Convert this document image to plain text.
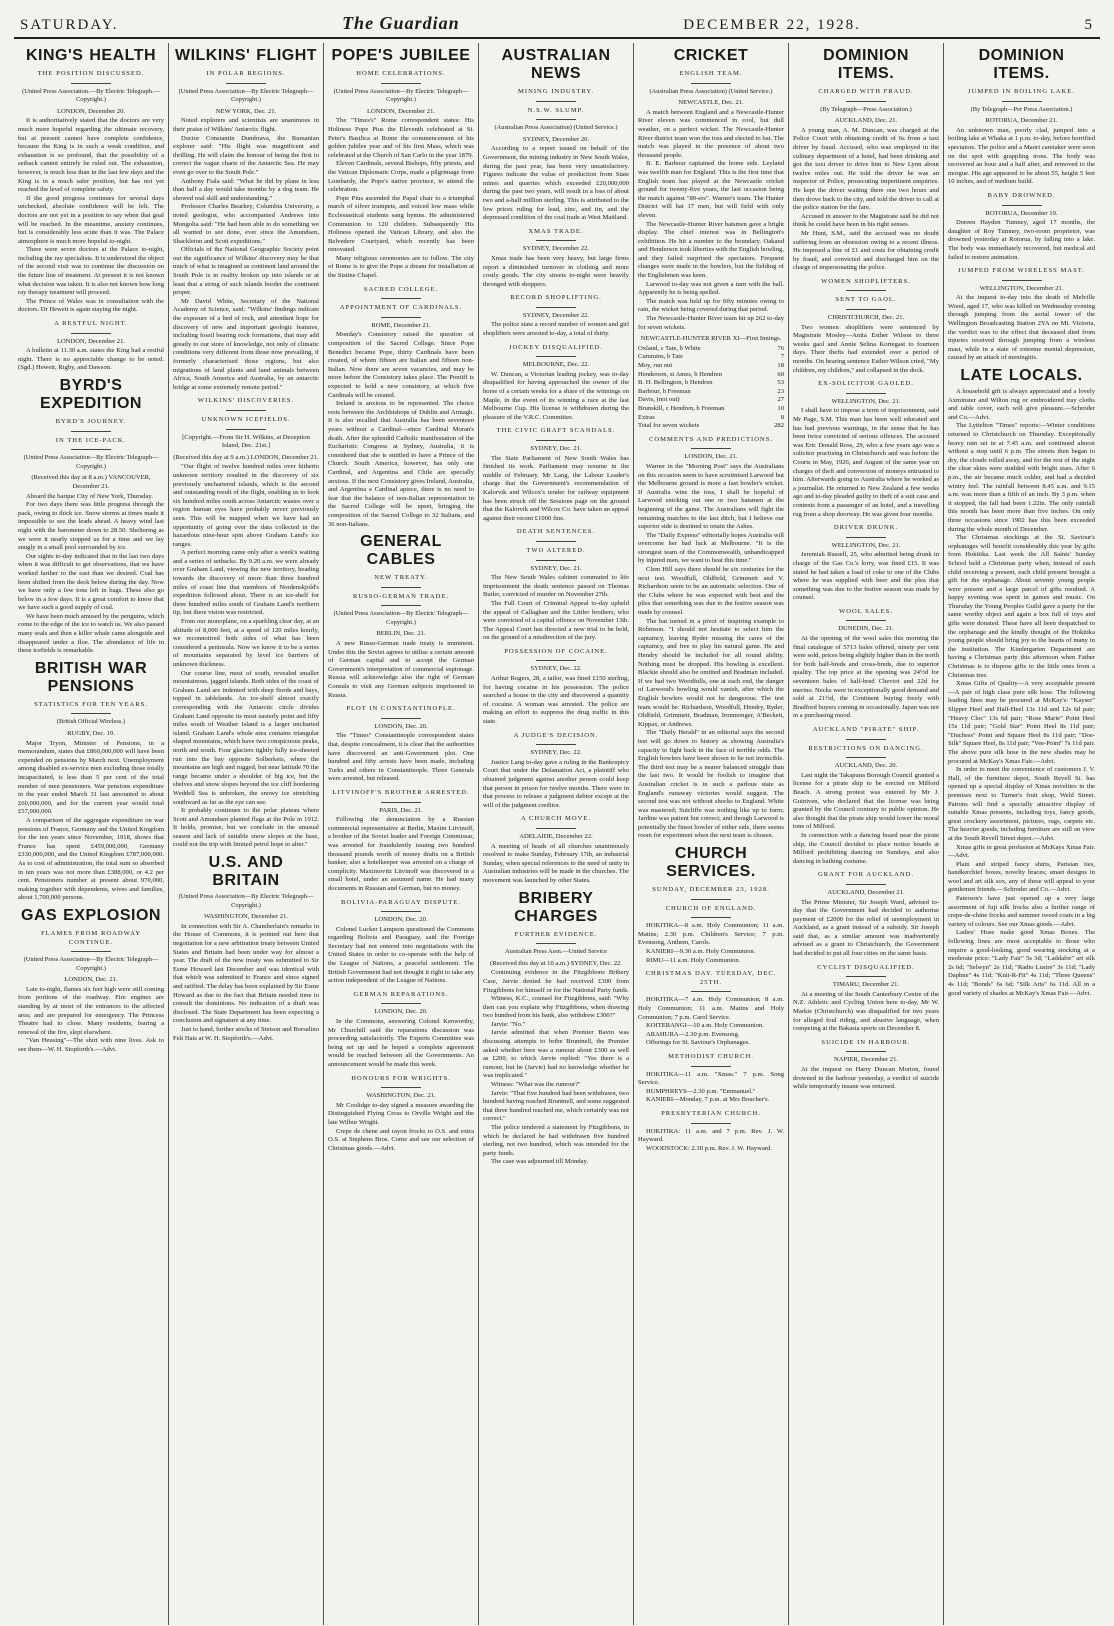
SATURDAY.	The Guardian	DECEMBER 22, 1928.	5
KING'S HEALTH
THE POSITION DISCUSSED.
(United Press Association.—By Electric Telegraph.—Copyright.)
LONDON, December 20.

It is authoritatively stated that the doctors are very much more hopeful regarding the ultimate recovery, but at present cannot have complete confidence, because the King is in such a weak condition, and exhaustion is so profound, that the possibility of a setback cannot entirely be ruled out. The exhaustion, however, is much less than in the last few days and the King is in a much safer position, but has not yet reached the level of complete safety.

If the good progress continues for several days unchecked, absolute confidence will be felt. The doctors are not yet in a position to say when that goal will be reached. In the meantime, anxiety continues, but is considerably less acute than it was. The Palace atmosphere is much more hopeful to-night.

There were seven doctors at the Palace to-night, including the ray specialists. It is understood the object of the second visit was to continue the discussion on the future line of treatment. At present it is not known what decision was taken. It is also not known how long ray therapy treatment will proceed.

The Prince of Wales was in consultation with the doctors. Dr Hewett is again staying the night.

A RESTFUL NIGHT.
LONDON, December 21.

A bulletin at 11.30 a.m. states the King had a restful night. There is no appreciable change to be noted. (Sgd.) Hewett, Rigby, and Dawson.

BYRD'S EXPEDITION
BYRD'S JOURNEY.
IN THE ICE-PACK.
(United Press Association—By Electric Telegraph—Copyright.)
(Received this day at 8 a.m.) VANCOUVER, December 21.

Aboard the barque City of New York, Thursday.

For two days there was little progress through the pack, owing to thick ice. Snow storms at times made it impossible to see the leads ahead. A heavy wind last night with the barometer down to 28.50. Sheltering as we were it nearly stopped us for a time and we lay snugly in a small pool surrounded by ice.

Our sights to-day indicated that in the last two days when it was difficult to get observations, that we have worked farther to the east than we desired. Coal has been shifted from the deck below during the day. Now we have only a few tons left in bags. These also go below in a few days. It is a great comfort to know that we have such a good supply of coal.

We have been much amused by the penguins, which come to the edge of the ice to watch us. We also passed many seals and then a killer whale came alongside and disappeared under a floe. The abundance of life in these icefields is remarkable.

BRITISH WAR PENSIONS
STATISTICS FOR TEN YEARS.
(British Official Wireless.)
RUGBY, Dec. 19.

Major Tryon, Minister of Pensions, in a memorandum, states that £860,000,000 will have been expended on pensions by March next. Unemployment among disabled ex-service men excluding those totally incapacitated, is less than 5 per cent of the total number of men pensioners. War pensions expenditure in the year ended March 31 last amounted to about £60,000,000, and for the current year would total £57,000,000.

A comparison of the aggregate expenditure on war pensions of France, Germany and the United Kingdom for the ten years since November, 1918, shows that France has spent £459,000,000, Germany £330,000,000, and the United Kingdom £787,000,000. As to cost of administration, the total sum so absorbed in ten years was not more than £388,000, or 4.2 per cent. Pensioners number at present about 970,000, making together with dependents, wives and families, about 1,700,000 persons.

GAS EXPLOSION
FLAMES FROM ROADWAY CONTINUE.
(United Press Association—By Electric Telegraph—Copyright.)
LONDON, Dec. 21.

Late to-night, flames six feet high were still coming from portions of the roadway. Fire engines are standing by at most of the entrances to the affected area; and are prepared for emergency. The Princess Theatre had to close. Many residents, fearing a renewal of the fire, slept elsewhere.

"Van Heusing"—The shirt with nine lives. Ask to see them—W. H. Stopforth's.—Advt.

WILKINS' FLIGHT
IN POLAR REGIONS.
(United Press Association—By Electric Telegraph—Copyright.)
NEW YORK, Dec. 21.

Noted explorers and scientists are unanimous in their praise of Wilkins' Antarctic flight.

Doctor Constantin Dumbrava, the Rumanian explorer said: "His flight was magnificent and thrilling. He will claim the honour of being the first to correct the vague charts of the Antarctic Sea. He may even go over to the South Pole."

Anthony Fiala said: "What he did by plane in less than half a day would take months by a dog team. He showed real skill and understanding."

Professor Charles Bearkey, Columbia University, a noted geologist, who accompanied Andrews into Mongolia said: "He had been able to do something we all wanted to see done, ever since the Amundsen, Shackleton and Scott expeditions."

Officials of the National Geographic Society point out the significance of Wilkins' discovery may be that much of what is imagined as continent land around the South Pole is in reality broken up into islands or at least that a string of such islands border the continent proper.

Mr David White, Secretary of the National Academy of Science, said: "Wilkins' findings indicate the exposure of a bed of rock, and attendant hope for discovery of new and important geologic features, including fossil bearing rock formations, that may add greatly to our store of knowledge, not only of climatic conditions very different from those now prevailing, if formerly characterised those regions, but also migrations of land plants and land animals between Africa, South America and Australia, by an antarctic bridge at some extremely remote period."

WILKINS' DISCOVERIES.
UNKNOWN ICEFIELDS.
[Copyright.—From Sir H. Wilkins, at Deception Island, Dec. 21st.]
(Received this day at 9 a.m.) LONDON, December 21.

"Our flight of twelve hundred miles over hitherto unknown territory resulted in the discovery of six previously unchartered islands, which is the second and outstanding result of the flight, enabling us to look six hundred miles south across Antarctic wastes over a region human eyes have probably never previously seen. This will be mapped when we have had an opportunity of going over the data collected in the hazardous nine-hour spin above Graham Land's ice ranges.

A perfect morning came only after a week's waiting and a series of setbacks. By 9.20 a.m. we were already over Graham Land, viewing the new territory, heading towards the discovery of more than three hundred miles of coast line that members of Nordenskjold's expedition followed about. There is an ice-shelf for three hundred miles south of Graham Land's northern tip, but there vision was restricted.

From our monoplane, on a sparkling clear day, at an altitude of 8,000 feet, at a speed of 120 miles hourly, we reconnoitred both sides of what has been considered a peninsula. Now we know it to be a series of mountains separated by level ice barriers of unknown thickness.

Our course line, most of south, revealed smaller mountainous, jagged islands. Both sides of the coast of Graham Land are indented with deep fiords and bays, topped in tablelands. An ice-shelf almost exactly corresponding with the Antarctic circle divides Graham Land opposite its most easterly point and fifty miles south of Weather Island is a larger uncharted island. Graham Land's whole area contains triangular shaped mountains, which have two conspicuous peaks, north and south. Four glaciers tightly fully ice-sheeted run into the bay opposite Solberkets, where the mountains are high and rugged, but near latitude 70 the range became under a shoulder of big ice, but the shelves and snow slopes beyond the ice cliff bordering Weddell Sea is unbroken, the snowy ice stretching southward as far as the eye can see.

It probably continues to the polar plateau where Scott and Amundsen planted flags at the Pole in 1912. It holds, promise, but we conclude in the unusual season and lack of suitable snow slopes at the base, could not the trip with limited petrol hope to alter."

U.S. AND BRITAIN
(United Press Association—By Electric Telegraph—Copyright.)
WASHINGTON, December 21.

In connection with Sir A. Chamberlain's remarks in the House of Commons, it is pointed out here that negotiation for a new arbitration treaty between United States and Britain had been under way for almost a year. The draft of the new treaty was submitted to Sir Esme Howard last December and was identical with that which was submitted to France and since signed and ratified. The delay has been explained by Sir Esme Howard as due to the fact that Britain needed time to consult the dominions. No indication of a draft was disclosed. The State Department has been expecting a conclusion and signature at any time.

Just to hand, further stocks of Stetson and Borsalino Felt Hats at W. H. Stopforth's.—Advt.

POPE'S JUBILEE
HOME CELEBRATIONS.
(United Press Association—By Electric Telegraph—Copyright.)
LONDON, December 21.

The "Times's" Rome correspondent states: His Holiness Pope Pius the Eleventh celebrated at St. Peter's Basilica at Rome the commencement of his golden jubilee year and of his first Mass, which was celebrated at the Church of San Carlo in the year 1879.

Eleven Cardinals, several Bishops, fifty priests, and the Vatican Diplomatic Corps, made a pilgrimage from Lombardy, the Pope's native province, to attend the celebration.

Pope Pius ascended the Papal chair to a triumphal march of silver trumpets, and voiced low mass while Ecclesiastical students sang hymns. He administered Communion to 120 children. Subsequently His Holiness opened the Vatican Library, and also the Belvedere Courtyard, which recently has been renovated.

Many religious ceremonies are to follow. The city of Rome is to give the Pope a dream for installation at the Sistine Chapel.

SACRED COLLEGE.
APPOINTMENT OF CARDINALS.
ROME, December 21.

Monday's Consistory raised the question of composition of the Sacred College. Since Pope Benedict became Pope, thirty Cardinals have been created, of whom fifteen are Italian and fifteen non-Italian. Now there are seven vacancies, and may be more before the Consistory takes place. The Pontiff is expected to hold a new consistory, at which five Cardinals will be created.

Ireland is anxious to be represented. The choice rests between the Archbishops of Dublin and Armagh. It is also recalled that Australia has been seventeen years without a Cardinal—since Cardinal Moran's death. After the splendid Catholic manifestation of the Eucharistic Congress at Sydney, Australia, it is considered that she is entitled to have a Prince of the Church. South America, however, has only one Cardinal, and Argentina and Chile are specially anxious. If the next Consistory gives Ireland, Australia, and Argentina a Cardinal apiece, there is no need to fear that the balance of non-Italian representation in the Sacred College will be upset, bringing the composition of the Sacred College to 32 Italians, and 36 non-Italians.

GENERAL CABLES
NEW TREATY.
RUSSO-GERMAN TRADE.
(United Press Association—By Electric Telegraph—Copyright.)
BERLIN, Dec. 21.

A new Russo-German trade treaty is imminent. Under this the Soviet agrees to utilise a certain amount of German capital and to accept the German Government's interpretation of commercial espionage. Russia will acknowledge also the right of German Consuls to visit any German subjects imprisoned in Russia.

PLOT IN CONSTANTINOPLE.
LONDON, Dec. 20.

The "Times" Constantinople correspondent states that, despite concealment, it is clear that the authorities have discovered an anti-Government plot. One hundred and fifty arrests have been made, including Turks and others in Constantinople. Three Generals were arrested, but released.

LITVINOFF'S BROTHER ARRESTED.
PARIS, Dec. 21.

Following the denunciation by a Russian commercial representative at Berlin, Maxim Litvinoff, a brother of the Soviet leader and Foreign Commissar, was arrested for fraudulently issuing two hundred thousand pounds worth of money drafts on a British banker; also a hotelkeeper was arrested on a charge of complicity. Maximovitz Litvinoff was discovered in a small hotel, under an assumed name. He had many documents in Russian and German, but no money.

BOLIVIA-PARAGUAY DISPUTE.
LONDON, Dec. 20.

Colonel Lucker Lampson questioned the Commons regarding Bolivia and Paraguay, said the Foreign Secretary had not entered into negotiations with the United States in order to co-operate with the help of the League of Nations, a peaceful settlement. The British Government had not thought it right to take any action independent of the League of Nations.

GERMAN REPARATIONS.
LONDON, Dec. 20.

In the Commons, answering Colonel Kenworthy, Mr Churchill said the reparations discussion was proceeding satisfactorily. The Experts Committee was being set up and he hoped a complete agreement would be reached between all the Governments. An announcement would be made this week.

HONOURS FOR WRIGHTS.
WASHINGTON, Dec. 21.

Mr Coolidge to-day signed a measure awarding the Distinguished Flying Cross to Orville Wright and the late Wilbur Wright.

Crepe de chene and rayon frocks to O.S. and extra O.S. at Stephens Bros. Come and see our selection of Christmas goods.—Advt.

AUSTRALIAN NEWS
MINING INDUSTRY.
N.S.W. SLUMP.
(Australian Press Association) (United Service.)
SYDNEY, December 20.

According to a report issued on behalf of the Government, the mining industry in New South Wales, during the past year, has been very unsatisfactory. Figures indicate the value of production from State mines and quarries which exceeded £20,000,000 during the past two years, will result in a loss of about two and a-half million sterling. This is attributed to the low prices ruling for lead, zinc, and tin, and the depressed condition of the coal trade at West Maitland.

XMAS TRADE.
SYDNEY, December 22.

Xmas trade has been very heavy, but large firms report a diminished turnover in clothing and more costly goods. The city streets to-night were heavily thronged with shoppers.

RECORD SHOPLIFTING.
SYDNEY, December 22.

The police state a record number of women and girl shoplifters were arrested to-day, a total of thirty.

JOCKEY DISQUALIFIED.
MELBOURNE, Dec. 22.

W. Duncan, a Victorian leading jockey, was to-day disqualified for having approached the owner of the horse of a certain weeks for a share of the winnings on Maple, in the event of its winning a race at the last Melbourne Cup. His license is withdrawn during the pleasure of the V.R.C. Committee.

THE CIVIC GRAFT SCANDALS.
SYDNEY, Dec. 21.

The State Parliament of New South Wales has finished its work. Parliament may resume in the middle of February. Mr Lang, the Labour Leader's charge that the Government's recommendation of Kalorvik and Wilcox's tender for railway equipment has been struck off the Sessions page on the ground that the Kalorvik and Wilcox Co. have taken an appeal against their recent £1000 fine.

DEATH SENTENCES.
TWO ALTERED.
SYDNEY, Dec. 21.

The New South Wales cabinet commuted to life imprisonment the death sentence passed on Thomas Butler, convicted of murder on November 27th.

The Full Court of Criminal Appeal to-day upheld the appeal of Callaghan and the Littler brothers, who were convicted of a capital offence on November 13th. The Appeal Court has directed a new trial to be held, on the ground of a misdirection of the jury.

POSSESSION OF COCAINE.
SYDNEY, Dec. 22.

Arthur Rogers, 28, a tailor, was fined £150 sterling, for having cocaine in his possession. The police searched a house in the city and discovered a quantity of cocaine. A woman was arrested. The police are making an effort to suppress the drug traffic in this state.

A JUDGE'S DECISION.
SYDNEY, Dec. 22.

Justice Lang to-day gave a ruling in the Bankruptcy Court that under the Defamation Act, a plaintiff who obtained judgment against another person could keep that person in prison for twelve months. There were in that process to release a judgment debtor except at the will of the judgment creditor.

A CHURCH MOVE.
ADELAIDE, December 22.

A meeting of heads of all churches unanimously resolved to make Sunday, February 17th, an industrial Sunday, when special references to the need of unity in Australian industries will be made in the churches. The movement was launched by other States.

BRIBERY CHARGES
FURTHER EVIDENCE.
Australian Press Assn.—United Service
(Received this day at 10 a.m.) SYDNEY, Dec. 22.

Continuing evidence in the Fitzgibbons Bribery Case, Jarvie denied he had received £300 from Fitzgibbons for himself or for the National Party funds.

Witness, K.C., counsel for Fitzgibbons, said: "Why then can you explain why Fitzgibbons, when drawing two hundred from his bank, also withdrew £300?"

Jarvie: "No."

Jarvie admitted that when Premier Bavin was discussing attempts to bribe Bruntnell, the Premier asked whether here was a rumour about £300 as well as £200, to which Jarvie replied: "Yes there is a rumour, but he (Jarvie) had no knowledge whether he was implicated."

Witness: "What was the rumour?"

Jarvie: "That five hundred had been withdrawn, two hundred having reached Bruntnell, and some suggested that three hundred reached me, which certainly was not correct."

The police tendered a statement by Fitzgibbons, in which he declared he had withdrawn five hundred sterling, not two hundred, which was intended for the party funds.

The case was adjourned till Monday.

CRICKET
ENGLISH TEAM.
(Australian Press Association) (United Service.)
NEWCASTLE, Dec. 21.

A match between England and a Newcastle-Hunter River eleven was commenced in cool, but dull weather, on a perfect wicket. The Newcastle-Hunter River district team won the toss and elected to bat. The match was played in the presence of about two thousand people.

B. E. Barbour captained the home side. Leyland was twelfth man for England. This is the first time that English team has played at the Newcastle cricket ground for twenty-five years, the last occasion being the match against "89-ers". Warner's team. The Hunter District will bat 17 men, but will field with only eleven.

The Newcastle-Hunter River batsmen gave a bright display. The chief interest was in Bellington's exhibition. He hit a number to the boundary. Oakand and Henderson took liberties with the English bowling, and they failed surprised the spectators. Frequent changes were made in the bowlers, but the fielding of the Englishmen was keen.

Larwood to-day was not given a turn with the ball. Apparently he is being spelled.

The match was held up for fifty minutes owing to rain, the wicket being covered during that period.

The Newcastle-Hunter River team hit up 262 to-day for seven wickets.

NEWCASTLE-HUNTER RIVER XI—First Innings.
Oxland, c Tate, b White	76
Cummins, b Tate	7
Moy, run out	18
Henderson, st Ames, b Hendren	60
B. H. Bellington, b Hendren	53
Barbour, b Freeman	23
Davis, (not out)	27
Brunskill, c Hendren, b Freeman	10
Extras	8
Total for seven wickets	282
COMMENTS AND PREDICTIONS.
LONDON, Dec. 21.

Warner in the "Morning Post" says the Australians on this occasion seem to have scrutinised Larwood but the Melbourne ground is more a fast bowler's wicket. If Australia wins the toss, I shall be hopeful of Larwood snicking out one or two batsmen at the beginning of the game. The Australians will fight the remaining matches to the last ditch, but I believe our superior side is destined to retain the Ashes.

The "Daily Express" editorially hopes Australia will overcome her bad luck at Melbourne. "It is the strongest team of the Commonwealth, unhandicapped by injured men, we want to beat this time."

Clem Hill says there should be six centuries for the next test. Woodfull, Oldfield, Grimmett and V. Richardson seem to be an automatic selection. One of the Clubs where he was expected with best and the plies that something was due to the festive season was made by counsel.

The bat turned in a pivot of inspiring example to Robinson. "I should not hesitate to select him the captaincy, leaving Ryder missing the cares of the captaincy, and free to play his natural game. He and Hendry should be included for all round ability. Nothing must be dropped. His bowling is excellent. Blackie should also be omitted and Bradman included. If we had two Woodfulls, one at each end, the danger of Larwood's bowling would vanish, after which the English bowlers would not be dangerous. The test team would be: Richardson, Woodfull, Hendry, Ryder, Oldfield, Grimmett, Bradman, Ironmonger, A'Beckett, Kippax, or Andrews.

The "Daily Herald" in an editorial says the second test will go down to history as showing Australia's capacity to fight back in the face of terrible odds. The English bowlers have been shown to be not invincible. The third test may be a nearer balanced struggle than the last two. It would be foolish to imagine that Australian cricket is in such a parlous state as England's runaway victories would suggest. The second test was not without shocks to England. White was mastered; Sutcliffe was nothing like up to form; Jardine was patient but correct; and though Larwood is potentially the finest bowler of either side, there seems room for experiment when the next team is chosen.

CHURCH SERVICES.
SUNDAY, DECEMBER 23, 1928.
CHURCH OF ENGLAND.

HOKITIKA—8 a.m. Holy Communion; 11 a.m. Matins; 2.30 p.m. Children's Service; 7 p.m. Evensong, Anthem, Carols.

KANIERI—9.30 a.m. Holy Communion.

RIMU—11 a.m. Holy Communion.

CHRISTMAS DAY. TUESDAY, DEC. 25TH.

HOKITIKA—7 a.m. Holy Communion; 8 a.m. Holy Communion; 11 a.m. Matins and Holy Communion; 7 p.m. Carol Service.

KOITERANGI—10 a.m. Holy Communion.

ARAHURA—2.30 p.m. Evensong.

Offerings for St. Saviour's Orphanages.

METHODIST CHURCH.

HOKITIKA—11 a.m. "Xmas." 7 p.m. Song Service.

HUMPHREYS—2.30 p.m. "Emmanuel."

KANIERI—Monday, 7 p.m. at Mrs Boucher's.

PRESBYTERIAN CHURCH.

HOKITIKA: 11 a.m. and 7 p.m. Rev. J. W. Hayward.

WOODSTOCK: 2.30 p.m. Rev. J. W. Hayward.

DOMINION ITEMS.
CHARGED WITH FRAUD.
(By Telegraph—Press Association.)
AUCKLAND, Dec. 21.

A young man, A. M. Duncan, was charged at the Police Court with obtaining credit of 6s from a taxi driver by fraud. Accused, who was employed in the culinary department of a hotel, had been drinking and got the taxi driver to drive him to New Lynn about twelve miles out. He told the driver he was an inspector of Police, prosecuting impertinent enquiries. He kept the driver waiting there one two hours and then drove back to the city, and told the driver to call at the police station for the fare.

Accused in answer to the Magistrate said he did not think he could have been in his right senses.

Mr Hunt, S.M., said the accused was no doubt suffering from an obsession owing to a recent illness. He imposed a fine of £1 and costs for obtaining credit by fraud, and convicted and discharged him on the charge of impersonating the police.

WOMEN SHOPLIFTERS.
SENT TO GAOL.
CHRISTCHURCH, Dec. 21.

Two women shoplifters were sentenced by Magistrate Mosley—Anita Esther Wilson to three weeks gaol and Annie Selina Kortegast to fourteen days. Their thefts had extended over a period of months. On hearing sentence Esther Wilson cried, "My children, my children," and collapsed in the dock.

EX-SOLICITOR GAOLED.
WELLINGTON, Dec. 21.

I shall have to impose a term of imprisonment, said Mr Page, S.M. This man has been well educated and has had previous warnings, in the sense that he has been twice convicted of serious offences. The accused was Eric Donald Ross, 29, who a few years ago was a solicitor practising in Christchurch and was before the Courts in May, 1926, and August of the same year on charges of theft and conversion of moneys entrusted to him. Afterwards going to Australia where he worked as a journalist. He returned to New Zealand a few weeks ago and to-day pleaded guilty to theft of a suit case and contents from a passenger of an hotel, and a travelling rug from a shop doorway. He was given four months.

DRIVER DRUNK.
WELLINGTON, Dec. 21.

Jeremiah Russell, 25, who admitted being drunk in charge of the Gas Co.'s lorry, was fined £15. It was stated he had taken a load of coke to one of the Clubs where he was supplied with beer and the plea that something was due to the festive season was made by counsel.

WOOL SALES.
DUNEDIN, Dec. 21.

At the opening of the wool sales this morning the final catalogue of 5713 bales offered, ninety per cent were sold, prices being slightly higher than in the north for both half-breds and cross-breds, due to superior quality. The top price at the opening was 24½d for seventeen bales of half-bred Cheviot and 22d for merino. Necks were in exceptionally good demand and sold at 21½d, the Continent buying freely with Bradford buyers coming in occasionally. Japan was not in a purchasing mood.

AUCKLAND "PIRATE" SHIP.
RESTRICTIONS ON DANCING.
AUCKLAND, Dec. 20.

Last night the Takapuna Borough Council granted a license for a pirate ship to be erected on Milford Beach. A strong protest was entered by Mr J. Guiniven, who declared that the license was being granted by the Council contrary to public opinion. He also thought that the pirate ship would lower the moral tone of Milford.

In connection with a dancing board near the pirate ship, the Council decided to place notice boards at Milford prohibiting dancing on Sundays, and also dancing in bathing costume.

GRANT FOR AUCKLAND.
AUCKLAND, December 21.

The Prime Minister, Sir Joseph Ward, advised to-day that the Government had decided to authorise payment of £2000 for the relief of unemployment in Auckland, as a grant instead of a subsidy. Sir Joseph said that, as a similar amount was inadvertently advised as a grant to Christchurch, the Government had decided to put all four cities on the same basis.

CYCLIST DISQUALIFIED.
TIMARU, December 21.

At a meeting of the South Canterbury Centre of the N.Z. Athletic and Cycling Union here to-day, Mr W. Markie (Christchurch) was disqualified for two years for alleged foul riding, and abusive language, when competing at the Bakasia sports on December 8.

SUICIDE IN HARBOUR.
NAPIER, December 21.

At the inquest on Harry Duncan Morton, found drowned in the harbour yesterday, a verdict of suicide while temporarily insane was returned.

DOMINION ITEMS.
JUMPED IN BOILING LAKE.
(By Telegraph—Per Press Association.)
ROTORUA, December 21.

An unknown man, poorly clad, jumped into a boiling lake at Whaka at 1 p.m. to-day, before horrified spectators. The police and a Maori caretaker were soon on the spot with grappling irons. The body was recovered an hour and a half after, and removed to the morgue. His age appeared to be about 55, height 5 feet 10 inches, and of medium build.

BABY DROWNED.
ROTORUA, December 19.

Doreen Hayden Tumney, aged 17 months, the daughter of Roy Tumney, two-room proprietor, was drowned yesterday at Rotorua, by falling into a lake. The body was immediately recovered, but medical aid failed to restore animation.

JUMPED FROM WIRELESS MAST.
WELLINGTON, December 21.

At the inquest to-day into the death of Melville Wood, aged 17, who was killed on Wednesday evening through jumping from the aerial tower of the Wellington Broadcasting Station 2YA on Mt. Victoria, the verdict was to the effect that deceased died from injuries received through jumping from a wireless mast, while in a state of extreme mental depression, caused by an attack of meningitis.

LATE LOCALS.

A household gift is always appreciated and a lovely Axminster and Wilton rug or embroidered tray cloths and table cover, each will give pleasure.—Schroder and Co.—Advt.

The Lyttelton "Times" reports:—Winter conditions returned to Christchurch on Thursday. Exceptionally heavy rain set in at 7.45 a.m. and continued almost without a stop until 6 p.m. The streets then began to dry, the clouds rolled away, and for the rest of the night the clear skies were studded with bright stars. After 6 p.m., the air became much colder, and had a decided wintry feel. The rainfall between 8.45 a.m. and 9.15 a.m. was more than a fifth of an inch. By 3 p.m. when it stopped, the fall had been 1.22in. The only rainfall this month has been more than five inches. On only three occasions since 1902 has this been exceeded during the whole month of December.

The Christmas stockings at the St. Saviour's orphanages will benefit considerably this year by gifts from Hokitika. Last week the All Saints' Sunday School held a Christmas party when, instead of each child receiving a present, each child present brought a gift for the orphanage. About seventy young people were present and a large parcel of gifts resulted. A happy evening was spent in games and music. On Thursday the Young Peoples Guild gave a party for the same worthy object and again a box full of toys and gifts were donated. These have all been despatched to the orphanage and the kindly thought of the Hokitika young people should bring joy to the hearts of many in the institution. The Kindergarten Department are having a Christmas party this afternoon when Father Christmas is to dispose gifts to the little ones from a Christmas tree.

Xmas Gifts of Quality—A very acceptable present—A pair of high class pure silk hose. The following leading lines may be procured at McKay's: "Kayser" Slipper Heel and Half-Heel 13s 11d and 12s 6d pair; "Heavy Cloc" 13s 6d pair; "Rose Marie" Point Heel 15s 11d pair; "Gold Star" Point Heel 8s 11d pair; "Duchess" Point and Square Heel 8s 11d pair; "Doe-Silk" Square Heel, 8s 11d pair; "Vee-Point" 7s 11d pair. The above pure silk hose in the new shades may be procured at McKay's Xmas Fair.—Advt.

In order to meet the convenience of customers J. V. Hall, of the furniture depot, South Revell St. has opened up a special display of Xmas novelties in the premises next to Turner's fruit shop, Weld Street. Patrons will find a specially attractive display of suitable Xmas presents, including toys, fancy goods, great crockery assortment, pictures, rugs, carpets etc. The heavier goods, including furniture are still on view at the South Revell Street depot.—Advt.

Xmas gifts in great profusion at McKays Xmas Fair.—Advt.

Plain and striped fancy shirts, Parisian ties, handkerchief boxes, novelty braces; smart designs in wool and art silk sox, any of these will appeal to your gentlemen friends.—Schroder and Co.—Advt.

Paterson's have just opened up a very large assortment of fuji silk frocks also a further range of crepe-de-chine frocks and summer tweed coats in a big variety of colours. See our Xmas goods.—Advt.

Ladies' Hose make good Xmas Boxes. The following lines are most acceptable to those who require a good-looking, good wearing stocking at a moderate price: "Lady Fair" 5s 3d; "Laddafre" art silk 2s 6d; "Selwyn" 2s 11d; "Radio Lustre" 3s 11d; "Lady Daphne" 4s 11d; "Knit-R-Fit" 4s 11d; "Three Queens" 4s 11d; "Bonds" 6s 6d; "Silk Arts" 6s 11d. All in a good variety of shades at McKay's Xmas Fair.—Advt.
